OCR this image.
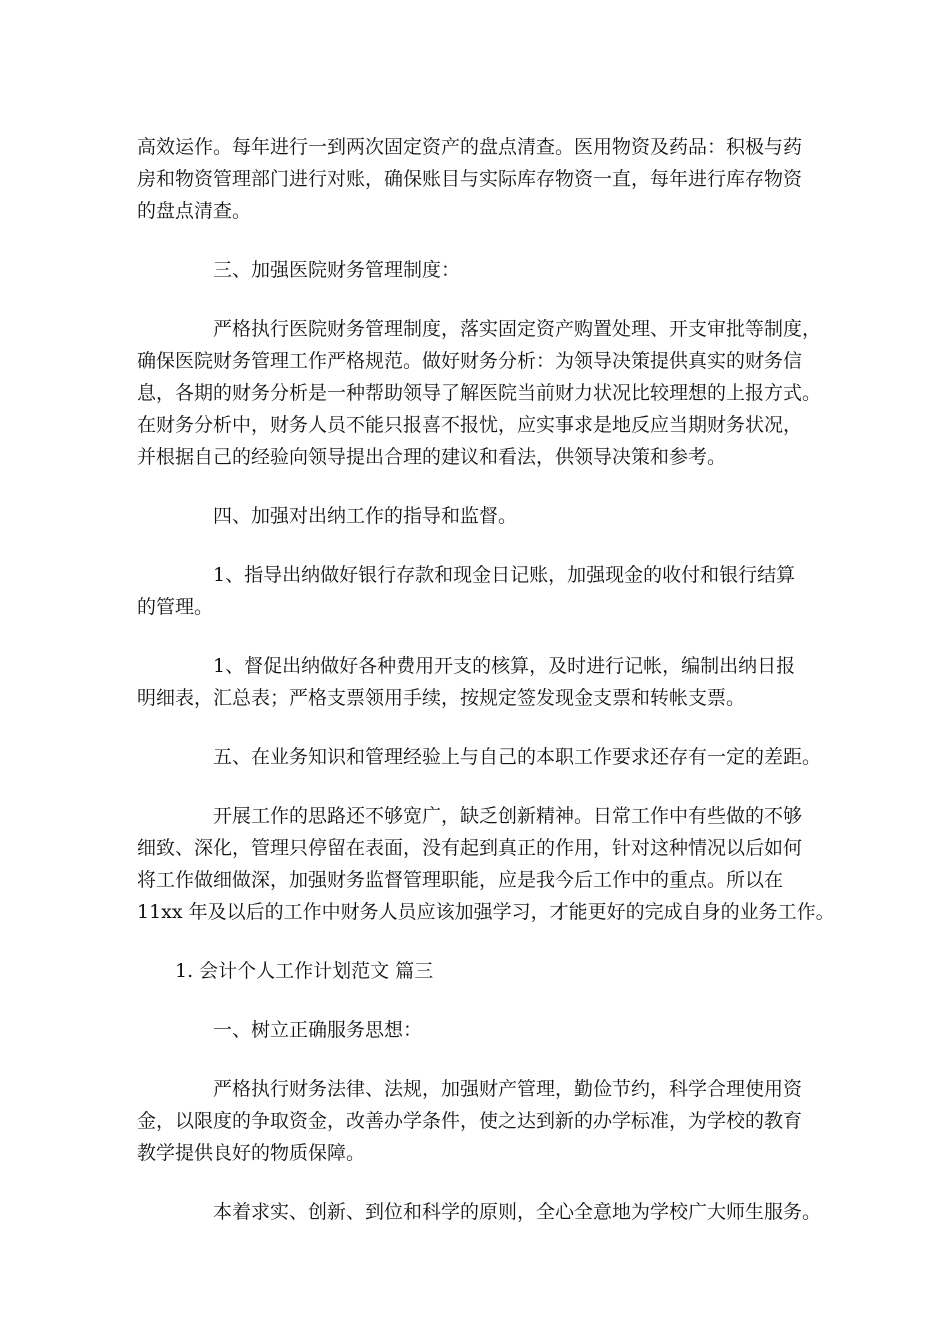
高效运作。每年进行一到两次固定资产的盘点清查。医用物资及药品：积极与药
房和物资管理部门进行对账，确保账目与实际库存物资一直，每年进行库存物资
的盘点清查。
三、加强医院财务管理制度：
严格执行医院财务管理制度，落实固定资产购置处理、开支审批等制度，
确保医院财务管理工作严格规范。做好财务分析：为领导决策提供真实的财务信
息，各期的财务分析是一种帮助领导了解医院当前财力状况比较理想的上报方式。
在财务分析中，财务人员不能只报喜不报忧，应实事求是地反应当期财务状况，
并根据自己的经验向领导提出合理的建议和看法，供领导决策和参考。
四、加强对出纳工作的指导和监督。
1、指导出纳做好银行存款和现金日记账，加强现金的收付和银行结算
的管理。
1、督促出纳做好各种费用开支的核算，及时进行记帐，编制出纳日报
明细表，汇总表；严格支票领用手续，按规定签发现金支票和转帐支票。
五、在业务知识和管理经验上与自己的本职工作要求还存有一定的差距。
开展工作的思路还不够宽广，缺乏创新精神。日常工作中有些做的不够
细致、深化，管理只停留在表面，没有起到真正的作用，针对这种情况以后如何
将工作做细做深，加强财务监督管理职能，应是我今后工作中的重点。所以在
11xx 年及以后的工作中财务人员应该加强学习，才能更好的完成自身的业务工作。
1. 会计个人工作计划范文 篇三
一、树立正确服务思想：
严格执行财务法律、法规，加强财产管理，勤俭节约，科学合理使用资
金，以限度的争取资金，改善办学条件，使之达到新的办学标准，为学校的教育
教学提供良好的物质保障。
本着求实、创新、到位和科学的原则，全心全意地为学校广大师生服务。
